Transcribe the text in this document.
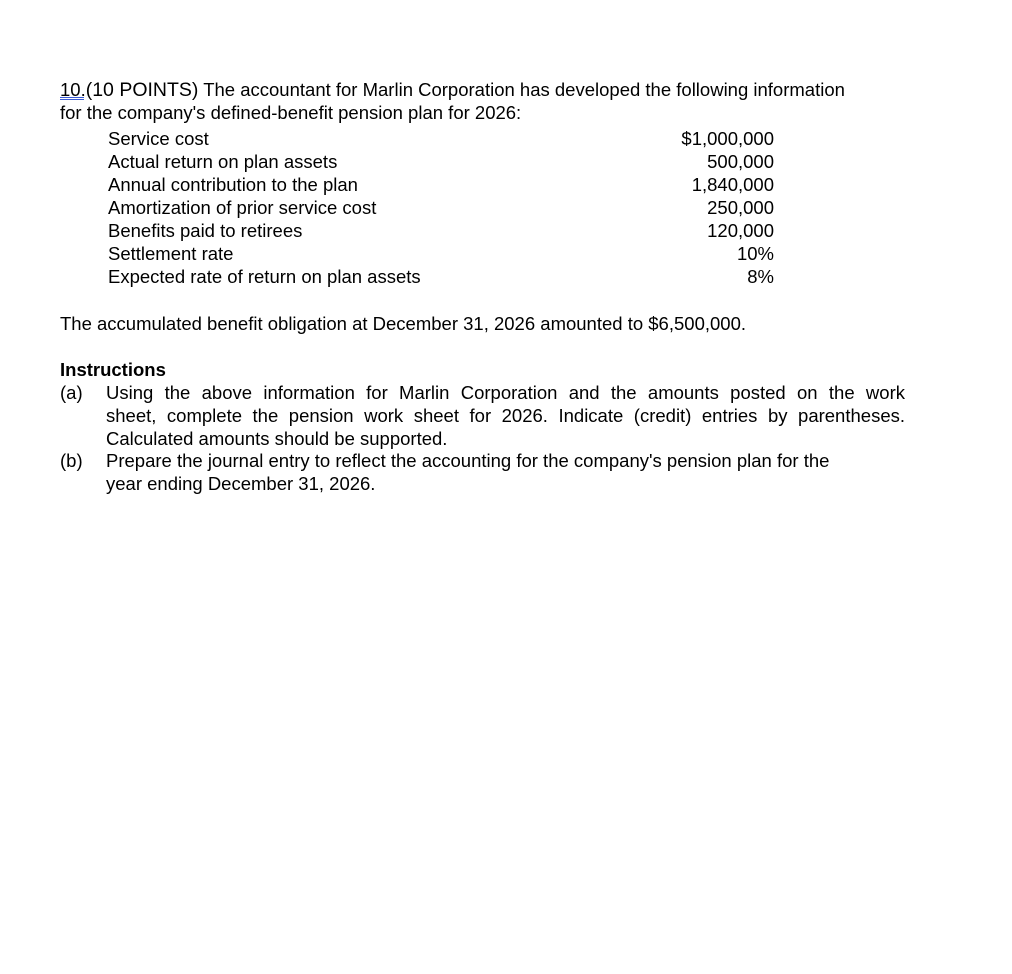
10.
(10 POINTS) The accountant for Marlin Corporation has developed the following information
for the company's defined-benefit pension plan for 2026:
Service cost	$1,000,000
Actual return on plan assets	500,000
Annual contribution to the plan	1,840,000
Amortization of prior service cost	250,000
Benefits paid to retirees	120,000
Settlement rate	10%
Expected rate of return on plan assets	8%
The accumulated benefit obligation at December 31, 2026 amounted to $6,500,000.
Instructions
(a) Using the above information for Marlin Corporation and the amounts posted on the work
sheet, complete the pension work sheet for 2026. Indicate (credit) entries by parentheses.
Calculated amounts should be supported.
(b) Prepare the journal entry to reflect the accounting for the company's pension plan for the
year ending December 31, 2026.
